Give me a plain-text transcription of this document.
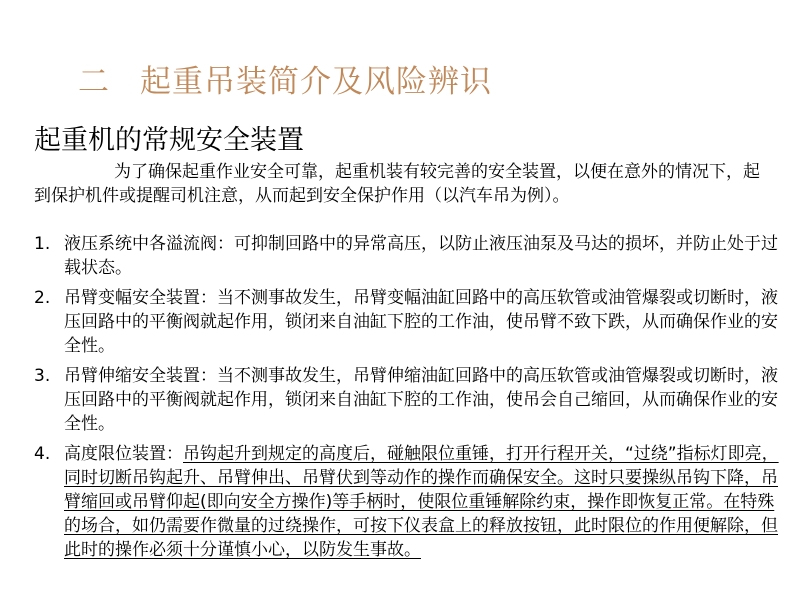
二 起重吊装简介及风险辨识
起重机的常规安全装置
为了确保起重作业安全可靠，起重机装有较完善的安全装置，以便在意外的情况下，起到保护机件或提醒司机注意，从而起到安全保护作用（以汽车吊为例）。
1. 液压系统中各溢流阀：可抑制回路中的异常高压，以防止液压油泵及马达的损坏，并防止处于过载状态。
2. 吊臂变幅安全装置：当不测事故发生，吊臂变幅油缸回路中的高压软管或油管爆裂或切断时，液压回路中的平衡阀就起作用，锁闭来自油缸下腔的工作油，使吊臂不致下跌，从而确保作业的安全性。
3. 吊臂伸缩安全装置：当不测事故发生，吊臂伸缩油缸回路中的高压软管或油管爆裂或切断时，液压回路中的平衡阀就起作用，锁闭来自油缸下腔的工作油，使吊会自己缩回，从而确保作业的安全性。
4. 高度限位装置：吊钩起升到规定的高度后，碰触限位重锤，打开行程开关，“过绕”指标灯即亮，同时切断吊钩起升、吊臂伸出、吊臂伏到等动作的操作而确保安全。这时只要操纵吊钩下降，吊臂缩回或吊臂仰起(即向安全方操作)等手柄时，使限位重锤解除约束，操作即恢复正常。在特殊的场合，如仍需要作微量的过绕操作，可按下仪表盒上的释放按钮，此时限位的作用便解除，但此时的操作必须十分谨慎小心，以防发生事故。
